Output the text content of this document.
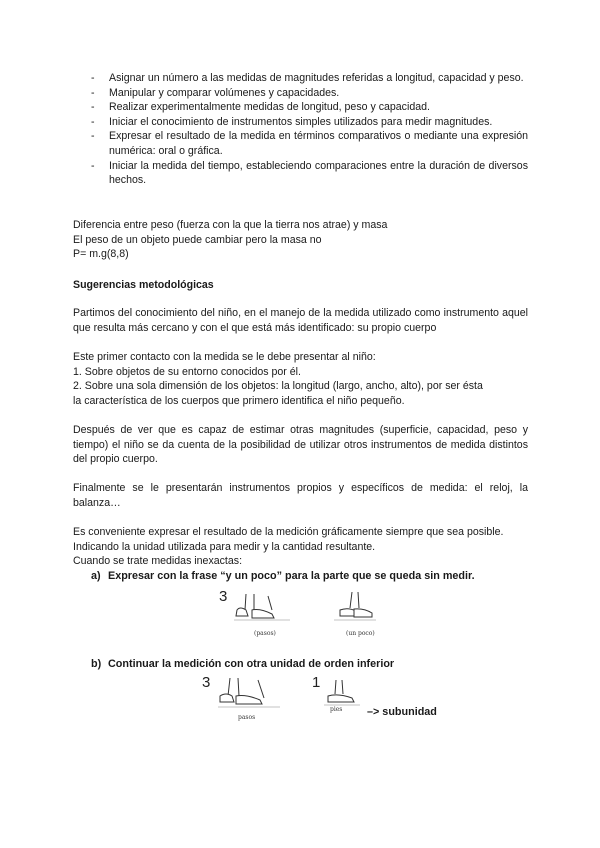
- Asignar un número a las medidas de magnitudes referidas a longitud, capacidad y peso.
- Manipular y comparar volúmenes y capacidades.
- Realizar experimentalmente medidas de longitud, peso y capacidad.
- Iniciar el conocimiento de instrumentos simples utilizados para medir magnitudes.
- Expresar el resultado de la medida en términos comparativos o mediante una expresión numérica: oral o gráfica.
- Iniciar la medida del tiempo, estableciendo comparaciones entre la duración de diversos hechos.
Diferencia entre peso (fuerza con la que la tierra nos atrae) y masa
El peso de un objeto puede cambiar pero la masa no
P= m.g(8,8)
Sugerencias metodológicas
Partimos del conocimiento del niño, en el manejo de la medida utilizado como instrumento aquel que resulta más cercano y con el que está más identificado: su propio cuerpo
Este primer contacto con la medida se le debe presentar al niño:
1. Sobre objetos de su entorno conocidos por él.
2. Sobre una sola dimensión de los objetos: la longitud (largo, ancho, alto), por ser ésta
la característica de los cuerpos que primero identifica el niño pequeño.
Después de ver que es capaz de estimar otras magnitudes (superficie, capacidad, peso y tiempo) el niño se da cuenta de la posibilidad de utilizar otros instrumentos de medida distintos del propio cuerpo.
Finalmente se le presentarán instrumentos propios y específicos de medida: el reloj, la balanza…
Es conveniente expresar el resultado de la medición gráficamente siempre que sea posible.
Indicando la unidad utilizada para medir y la cantidad resultante.
Cuando se trate medidas inexactas:
a) Expresar con la frase “y un poco” para la parte que se queda sin medir.
3
(pasos)	(un poco)
b) Continuar la medición con otra unidad de orden inferior
3
pasos
1
pies –> subunidad
